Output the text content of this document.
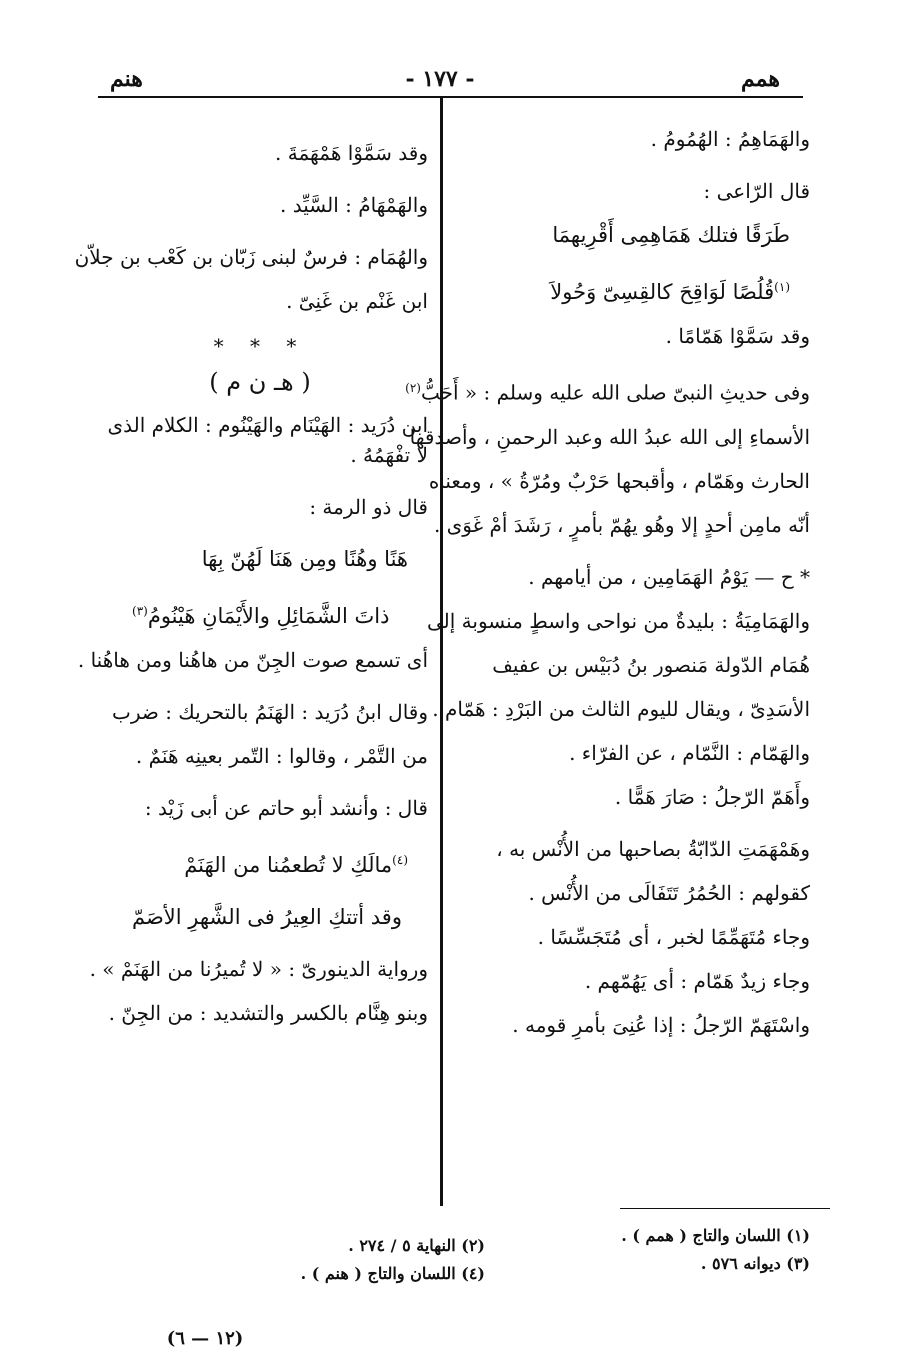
همم
- ١٧٧ -
هنم
والهَمَاهِمُ : الهُمُومُ .
قال الرّاعى :
طَرَقًا فتلك هَمَاهِمِى أَقْرِيهمَا
$^{(١)}$قُلُصًا لَوَاقِحَ كالقِسِىّ وَحُولاَ
وقد سَمَّوْا هَمّامًا .
وفى حديثِ النبىّ صلى الله عليه وسلم : « أَحَبُّ$^{(٢)}$
الأسماءِ إلى الله عبدُ الله وعبد الرحمنِ ، وأصدقها
الحارث وهَمّام ، وأقبحها حَرْبٌ ومُرّةُ » ، ومعناه
أنّه مامِن أحدٍ إلا وهُو يهُمّ بأمرٍ ، رَشَدَ أمْ غَوَى .
* ح — يَوْمُ الهَمَامِين ، من أيامهم .
والهَمَامِيَةُ : بليدةٌ من نواحى واسطٍ منسوبة إلى
هُمَام الدّولة مَنصور بنُ دُبَيْس بن عفيف
الأسَدِىّ ، ويقال لليوم الثالث من البَرْدِ : هَمّام .
والهَمّام : النَّمّام ، عن الفرّاء .
وأَهَمّ الرّجلُ : صَارَ هَمًّا .
وهَمْهَمَتِ الدّابّةُ بصاحبها من الأُنْس به ،
كقولهم : الحُمُرُ تَتَفَالَى من الأُنْس .
وجاء مُتَهَمِّمًا لخبر ، أى مُتَجَسِّسًا .
وجاء زيدٌ هَمّام : أى يَهُمّهم .
واسْتَهَمّ الرّجلُ : إذا عُنِىَ بأمرِ قومه .
وقد سَمَّوْا هَمْهَمَةَ .
والهَمْهَامُ : السَّيِّد .
والهُمَام : فرسٌ لبنى زَبّان بن كَعْب بن جلاّن
ابن غَنْم بن غَنِىّ .
* * *
( هـ ن م )
ابن دُرَيد : الهَيْنَام والهَيْنُوم : الكلام الذى
لا تفْهَمُهُ .
قال ذو الرمة :
هَنًا وهُنًا ومِن هَنَا لَهُنّ بِهَا
ذاتَ الشَّمَائِلِ والأَيْمَانِ هَيْنُومُ$^{(٣)}$
أى تسمع صوت الجِنّ من هاهُنا ومن هاهُنا .
وقال ابنُ دُرَيد : الهَنَمُ بالتحريك : ضرب
من التَّمْر ، وقالوا : التّمر بعينِه هَنَمٌ .
قال : وأنشد أبو حاتم عن أبى زَيْد :
$^{(٤)}$مالَكِ لا تُطعمُنا من الهَنَمْ
وقد أتتكِ العِيرُ فى الشَّهرِ الأصَمّ
ورواية الدينورىّ : « لا تُميرُنا من الهَنَمْ » .
وبنو هِنَّام بالكسر والتشديد : من الجِنّ .
(١) اللسان والتاج ( همم ) .
(٣) ديوانه ٥٧٦ .
(٢) النهاية ٥ / ٢٧٤ .
(٤) اللسان والتاج ( هنم ) .
(١٢ — ٦)
